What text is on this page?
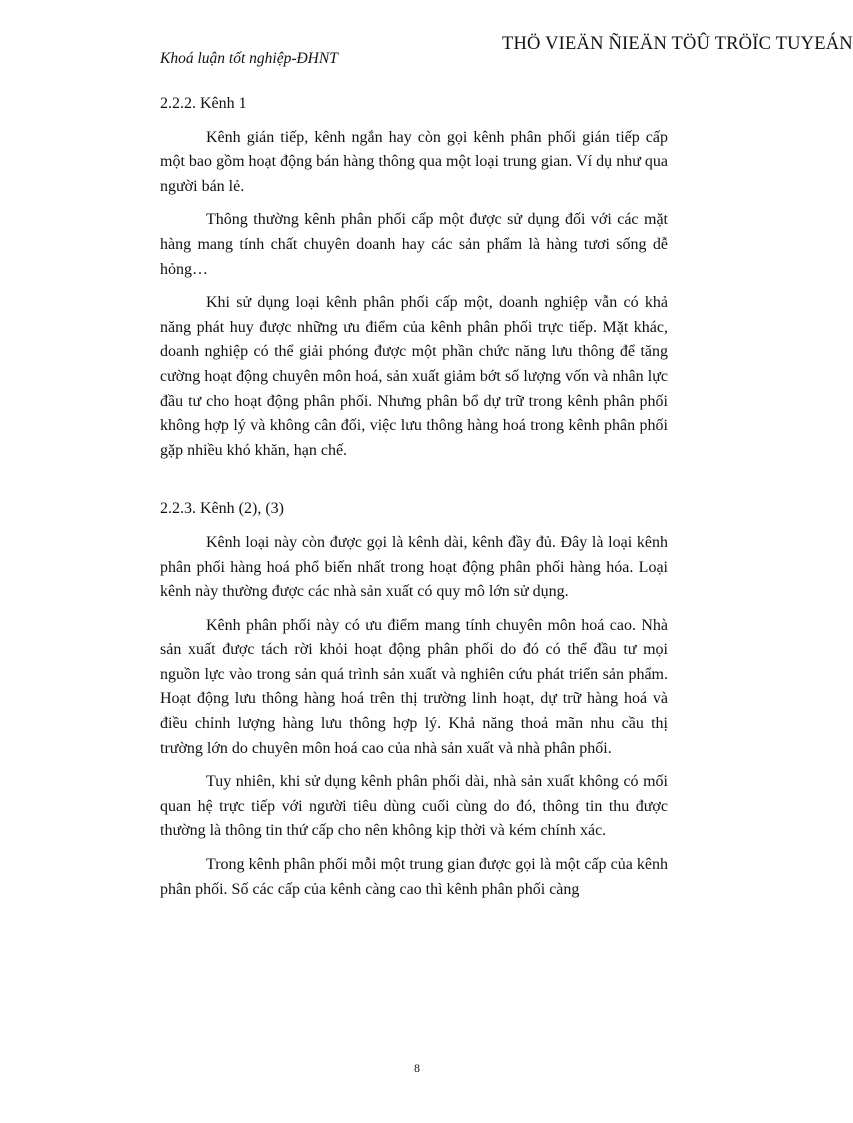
THÖ VIEÄN ÑIEÄN TÖÛ TRÖÏC TUYEÁN
Khoá luận tốt nghiệp-ĐHNT

2.2.2. Kênh 1

Kênh gián tiếp, kênh ngắn hay còn gọi kênh phân phối gián tiếp cấp một bao gồm hoạt động bán hàng thông qua một loại trung gian. Ví dụ như qua người bán lẻ.

Thông thường kênh phân phối cấp một được sử dụng đối với các mặt hàng mang tính chất chuyên doanh hay các sản phẩm là hàng tươi sống dễ hỏng…

Khi sử dụng loại kênh phân phối cấp một, doanh nghiệp vẫn có khả năng phát huy được những ưu điểm của kênh phân phối trực tiếp. Mặt khác, doanh nghiệp có thể giải phóng được một phần chức năng lưu thông để tăng cường hoạt động chuyên môn hoá, sản xuất giảm bớt số lượng vốn và nhân lực đầu tư cho hoạt động phân phối. Nhưng phân bổ dự trữ trong kênh phân phối không hợp lý và không cân đối, việc lưu thông hàng hoá trong kênh phân phối gặp nhiều khó khăn, hạn chế.

2.2.3. Kênh (2), (3)

Kênh loại này còn được gọi là kênh dài, kênh đầy đủ. Đây là loại kênh phân phối hàng hoá phổ biến nhất trong hoạt động phân phối hàng hóa. Loại kênh này thường được các nhà sản xuất có quy mô lớn sử dụng.

Kênh phân phối này có ưu điểm mang tính chuyên môn hoá cao. Nhà sản xuất được tách rời khỏi hoạt động phân phối do đó có thể đầu tư mọi nguồn lực vào trong sản quá trình sản xuất và nghiên cứu phát triển sản phẩm. Hoạt động lưu thông hàng hoá trên thị trường linh hoạt, dự trữ hàng hoá và điều chỉnh lượng hàng lưu thông hợp lý. Khả năng thoả mãn nhu cầu thị trường lớn do chuyên môn hoá cao của nhà sản xuất và nhà phân phối.

Tuy nhiên, khi sử dụng kênh phân phối dài, nhà sản xuất không có mối quan hệ trực tiếp với người tiêu dùng cuối cùng do đó, thông tin thu được thường là thông tin thứ cấp cho nên không kịp thời và kém chính xác.

Trong kênh phân phối mỗi một trung gian được gọi là một cấp của kênh phân phối. Số các cấp của kênh càng cao thì kênh phân phối càng

8
